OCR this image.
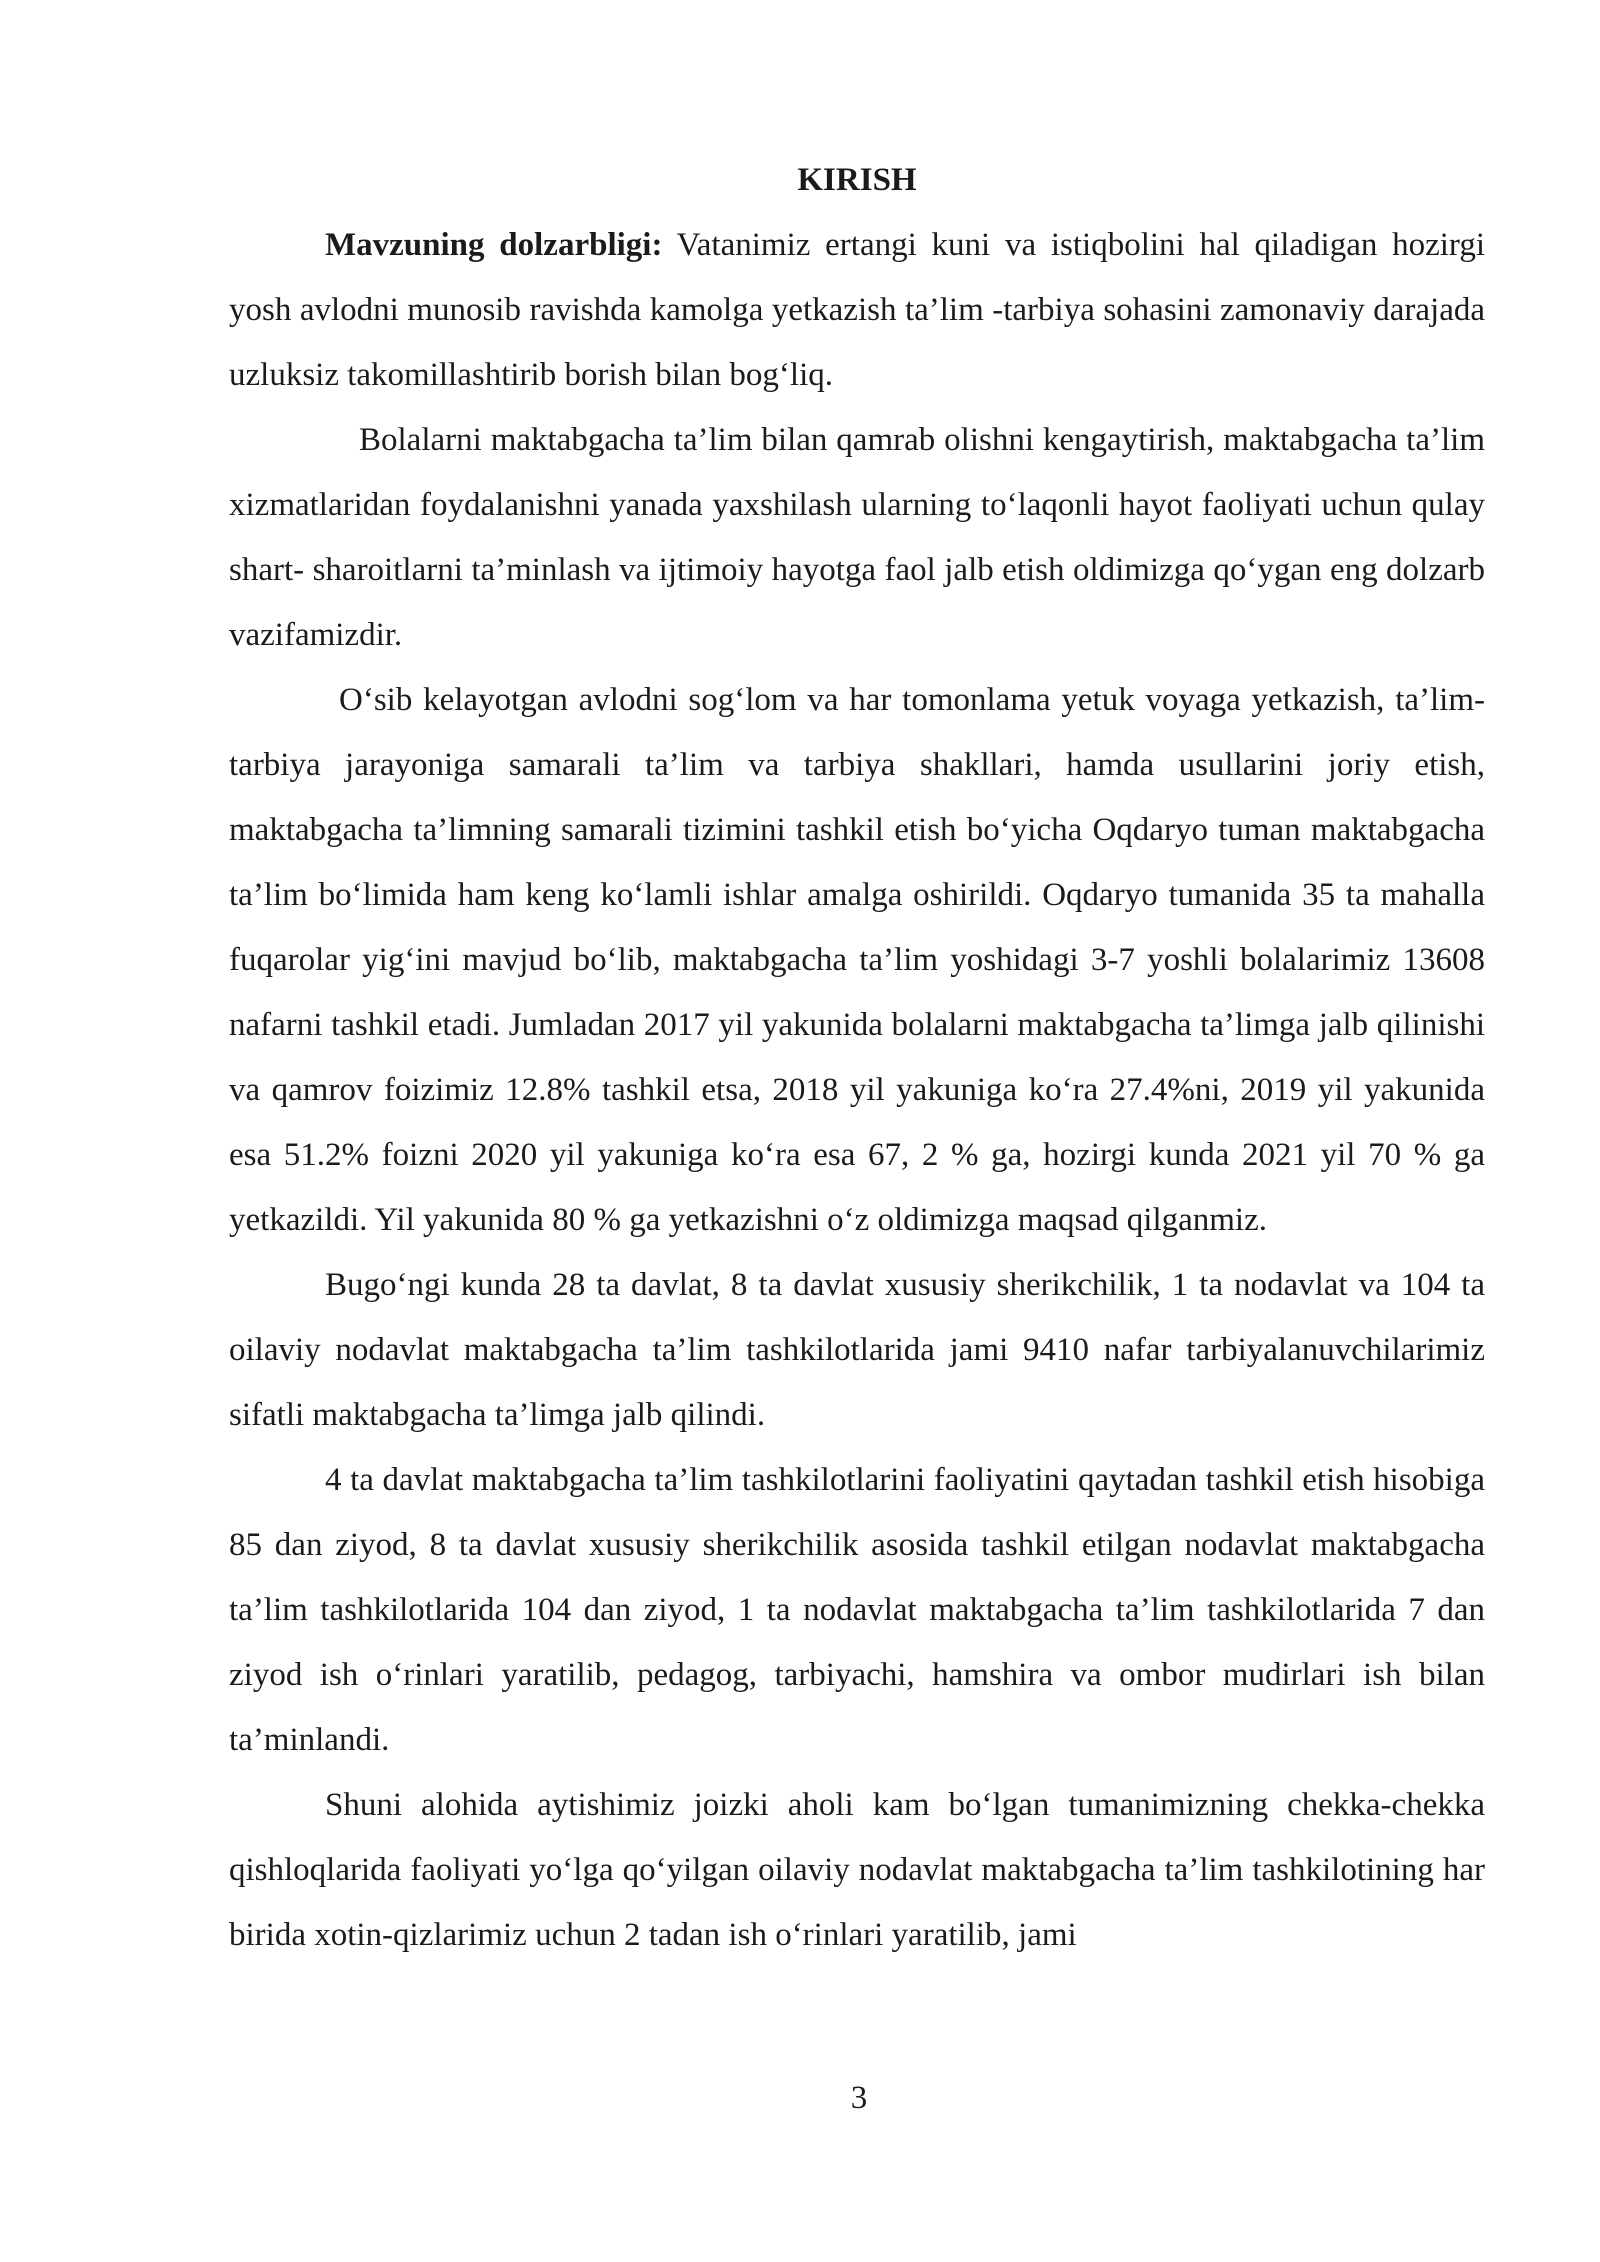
KIRISH

Mavzuning dolzarbligi: Vatanimiz ertangi kuni va istiqbolini hal qiladigan hozirgi yosh avlodni munosib ravishda kamolga yetkazish ta’lim -tarbiya sohasini zamonaviy darajada uzluksiz takomillashtirib borish bilan bog‘liq.

Bolalarni maktabgacha ta’lim bilan qamrab olishni kengaytirish, maktabgacha ta’lim xizmatlaridan foydalanishni yanada yaxshilash ularning to‘laqonli hayot faoliyati uchun qulay shart- sharoitlarni ta’minlash va ijtimoiy hayotga faol jalb etish oldimizga qo‘ygan eng dolzarb vazifamizdir.

O‘sib kelayotgan avlodni sog‘lom va har tomonlama yetuk voyaga yetkazish, ta’lim-tarbiya jarayoniga samarali ta’lim va tarbiya shakllari, hamda usullarini joriy etish, maktabgacha ta’limning samarali tizimini tashkil etish bo‘yicha Oqdaryo tuman maktabgacha ta’lim bo‘limida ham keng ko‘lamli ishlar amalga oshirildi. Oqdaryo tumanida 35 ta mahalla fuqarolar yig‘ini mavjud bo‘lib, maktabgacha ta’lim yoshidagi 3-7 yoshli bolalarimiz 13608 nafarni tashkil etadi. Jumladan 2017 yil yakunida bolalarni maktabgacha ta’limga jalb qilinishi va qamrov foizimiz 12.8% tashkil etsa, 2018 yil yakuniga ko‘ra 27.4%ni, 2019 yil yakunida esa 51.2% foizni 2020 yil yakuniga ko‘ra esa 67, 2 % ga, hozirgi kunda 2021 yil 70 % ga yetkazildi. Yil yakunida 80 % ga yetkazishni o‘z oldimizga maqsad qilganmiz.

Bugo‘ngi kunda 28 ta davlat, 8 ta davlat xususiy sherikchilik, 1 ta nodavlat va 104 ta oilaviy nodavlat maktabgacha ta’lim tashkilotlarida jami 9410 nafar tarbiyalanuvchilarimiz sifatli maktabgacha ta’limga jalb qilindi.

4 ta davlat maktabgacha ta’lim tashkilotlarini faoliyatini qaytadan tashkil etish hisobiga 85 dan ziyod, 8 ta davlat xususiy sherikchilik asosida tashkil etilgan nodavlat maktabgacha ta’lim tashkilotlarida 104 dan ziyod, 1 ta nodavlat maktabgacha ta’lim tashkilotlarida 7 dan ziyod ish o‘rinlari yaratilib, pedagog, tarbiyachi, hamshira va ombor mudirlari ish bilan ta’minlandi.

Shuni alohida aytishimiz joizki aholi kam bo‘lgan tumanimizning chekka-chekka qishloqlarida faoliyati yo‘lga qo‘yilgan oilaviy nodavlat maktabgacha ta’lim tashkilotining har birida xotin-qizlarimiz uchun 2 tadan ish o‘rinlari yaratilib, jami

3
